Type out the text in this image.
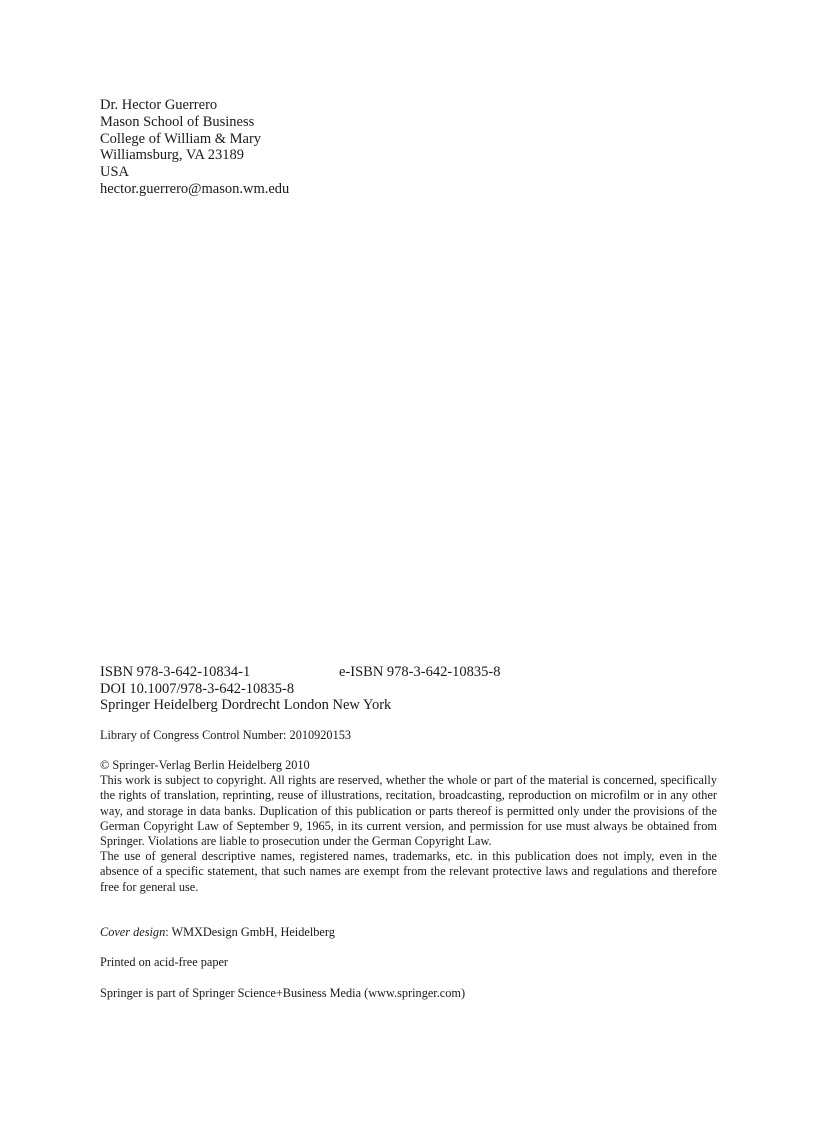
Dr. Hector Guerrero
Mason School of Business
College of William & Mary
Williamsburg, VA 23189
USA
hector.guerrero@mason.wm.edu
ISBN 978-3-642-10834-1	e-ISBN 978-3-642-10835-8
DOI 10.1007/978-3-642-10835-8
Springer Heidelberg Dordrecht London New York
Library of Congress Control Number: 2010920153
© Springer-Verlag Berlin Heidelberg 2010

This work is subject to copyright. All rights are reserved, whether the whole or part of the material is concerned, specifically the rights of translation, reprinting, reuse of illustrations, recitation, broadcasting, reproduction on microfilm or in any other way, and storage in data banks. Duplication of this publication or parts thereof is permitted only under the provisions of the German Copyright Law of September 9, 1965, in its current version, and permission for use must always be obtained from Springer. Violations are liable to prosecution under the German Copyright Law.

The use of general descriptive names, registered names, trademarks, etc. in this publication does not imply, even in the absence of a specific statement, that such names are exempt from the relevant protective laws and regulations and therefore free for general use.

Cover design: WMXDesign GmbH, Heidelberg
Printed on acid-free paper
Springer is part of Springer Science+Business Media (www.springer.com)
